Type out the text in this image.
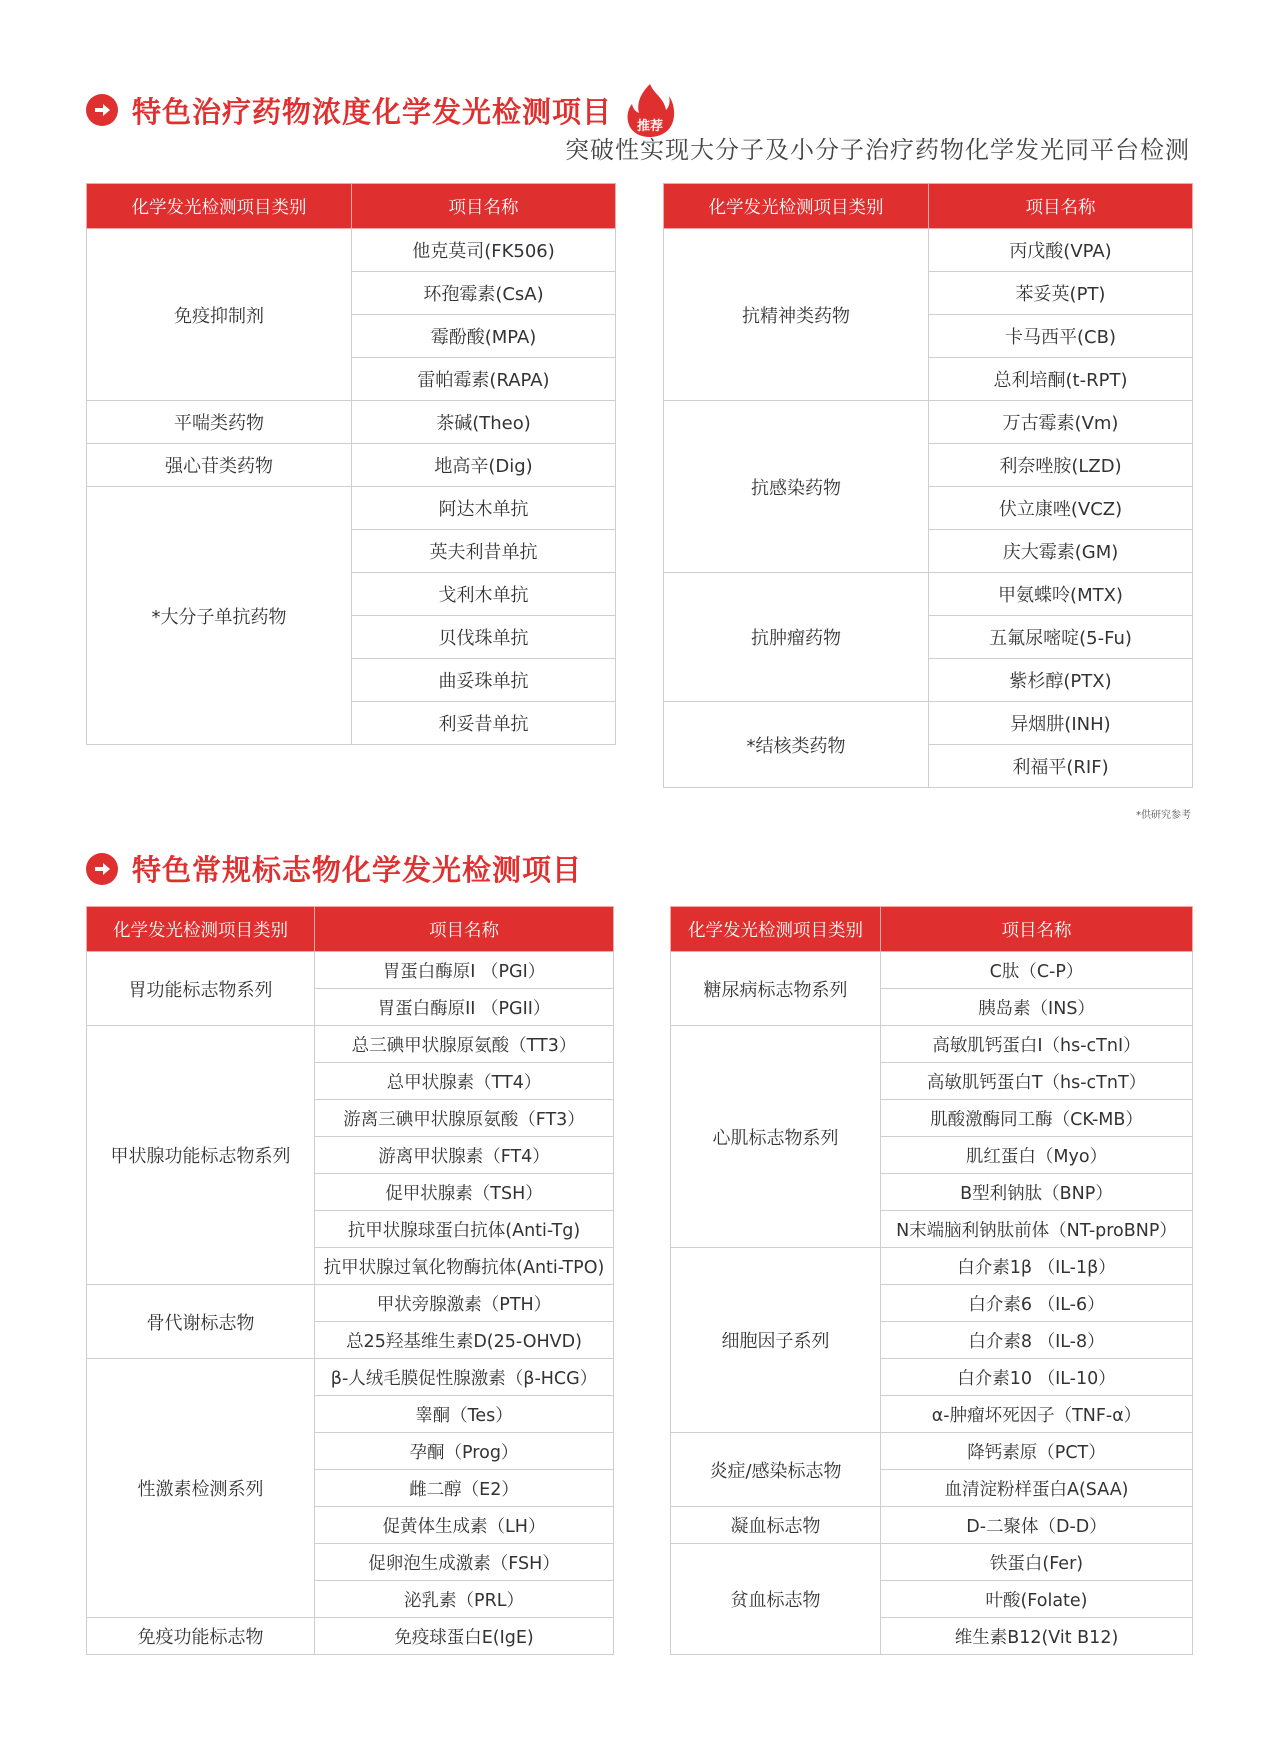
特色治疗药物浓度化学发光检测项目	推荐
突破性实现大分子及小分子治疗药物化学发光同平台检测
化学发光检测项目类别	项目名称
免疫抑制剂	他克莫司(FK506)
	环孢霉素(CsA)
	霉酚酸(MPA)
	雷帕霉素(RAPA)
平喘类药物	茶碱(Theo)
强心苷类药物	地高辛(Dig)
*大分子单抗药物	阿达木单抗
	英夫利昔单抗
	戈利木单抗
	贝伐珠单抗
	曲妥珠单抗
	利妥昔单抗
化学发光检测项目类别	项目名称
抗精神类药物	丙戊酸(VPA)
	苯妥英(PT)
	卡马西平(CB)
	总利培酮(t-RPT)
抗感染药物	万古霉素(Vm)
	利奈唑胺(LZD)
	伏立康唑(VCZ)
	庆大霉素(GM)
抗肿瘤药物	甲氨蝶呤(MTX)
	五氟尿嘧啶(5-Fu)
	紫杉醇(PTX)
*结核类药物	异烟肼(INH)
	利福平(RIF)
*供研究参考
特色常规标志物化学发光检测项目
化学发光检测项目类别	项目名称
胃功能标志物系列	胃蛋白酶原I （PGI）
	胃蛋白酶原II （PGII）
甲状腺功能标志物系列	总三碘甲状腺原氨酸（TT3）
	总甲状腺素（TT4）
	游离三碘甲状腺原氨酸（FT3）
	游离甲状腺素（FT4）
	促甲状腺素（TSH）
	抗甲状腺球蛋白抗体(Anti-Tg)
	抗甲状腺过氧化物酶抗体(Anti-TPO)
骨代谢标志物	甲状旁腺激素（PTH）
	总25羟基维生素D(25-OHVD)
性激素检测系列	β-人绒毛膜促性腺激素（β-HCG）
	睾酮（Tes）
	孕酮（Prog）
	雌二醇（E2）
	促黄体生成素（LH）
	促卵泡生成激素（FSH）
	泌乳素（PRL）
免疫功能标志物	免疫球蛋白E(IgE)
化学发光检测项目类别	项目名称
糖尿病标志物系列	C肽（C-P）
	胰岛素（INS）
心肌标志物系列	高敏肌钙蛋白I（hs-cTnI）
	高敏肌钙蛋白T（hs-cTnT）
	肌酸激酶同工酶（CK-MB）
	肌红蛋白（Myo）
	B型利钠肽（BNP）
	N末端脑利钠肽前体（NT-proBNP）
细胞因子系列	白介素1β （IL-1β）
	白介素6 （IL-6）
	白介素8 （IL-8）
	白介素10 （IL-10）
	α-肿瘤坏死因子（TNF-α）
炎症/感染标志物	降钙素原（PCT）
	血清淀粉样蛋白A(SAA)
凝血标志物	D-二聚体（D-D）
贫血标志物	铁蛋白(Fer)
	叶酸(Folate)
	维生素B12(Vit B12)
